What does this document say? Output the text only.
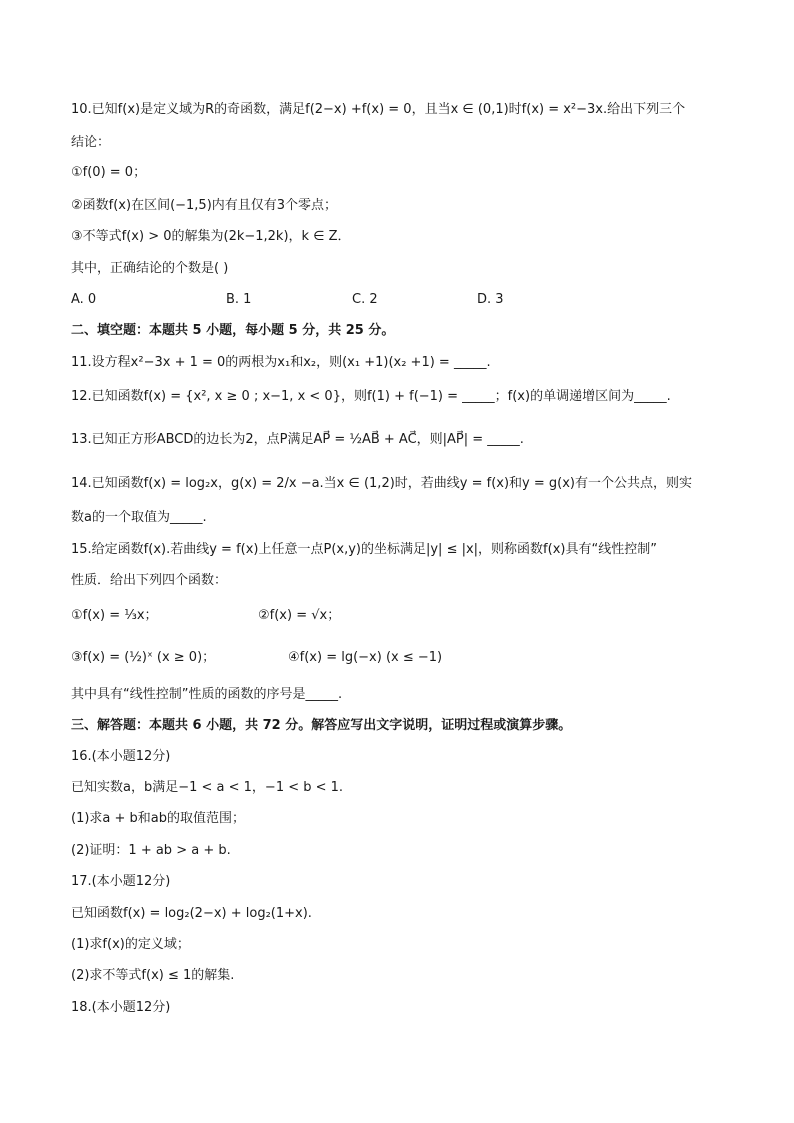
10.已知f(x)是定义域为R的奇函数，满足f(2−x) +f(x) = 0，且当x ∈ (0,1)时f(x) = x²−3x.给出下列三个
结论：
①f(0) = 0；
②函数f(x)在区间(−1,5)内有且仅有3个零点；
③不等式f(x) > 0的解集为(2k−1,2k)，k ∈ Z．
其中，正确结论的个数是( )
A. 0	B. 1	C. 2	D. 3
二、填空题：本题共 5 小题，每小题 5 分，共 25 分。
11.设方程x²−3x + 1 = 0的两根为x₁和x₂，则(x₁ +1)(x₂ +1) = _____.
12.已知函数f(x) = {x², x ≥ 0 ; x−1, x < 0}，则f(1) + f(−1) = _____；f(x)的单调递增区间为_____.
13.已知正方形ABCD的边长为2，点P满足AP⃗ = ½AB⃗ + AC⃗，则|AP⃗| = _____.
14.已知函数f(x) = log₂x，g(x) = 2/x −a.当x ∈ (1,2)时，若曲线y = f(x)和y = g(x)有一个公共点，则实
数a的一个取值为_____.
15.给定函数f(x).若曲线y = f(x)上任意一点P(x,y)的坐标满足|y| ≤ |x|，则称函数f(x)具有“线性控制”
性质．给出下列四个函数：
①f(x) = ⅓x；	②f(x) = √x；
③f(x) = (½)ˣ (x ≥ 0)；	④f(x) = lg(−x) (x ≤ −1)
其中具有“线性控制”性质的函数的序号是_____.
三、解答题：本题共 6 小题，共 72 分。解答应写出文字说明，证明过程或演算步骤。
16.(本小题12分)
已知实数a，b满足−1 < a < 1，−1 < b < 1.
(1)求a + b和ab的取值范围；
(2)证明：1 + ab > a + b.
17.(本小题12分)
已知函数f(x) = log₂(2−x) + log₂(1+x).
(1)求f(x)的定义域；
(2)求不等式f(x) ≤ 1的解集.
18.(本小题12分)
